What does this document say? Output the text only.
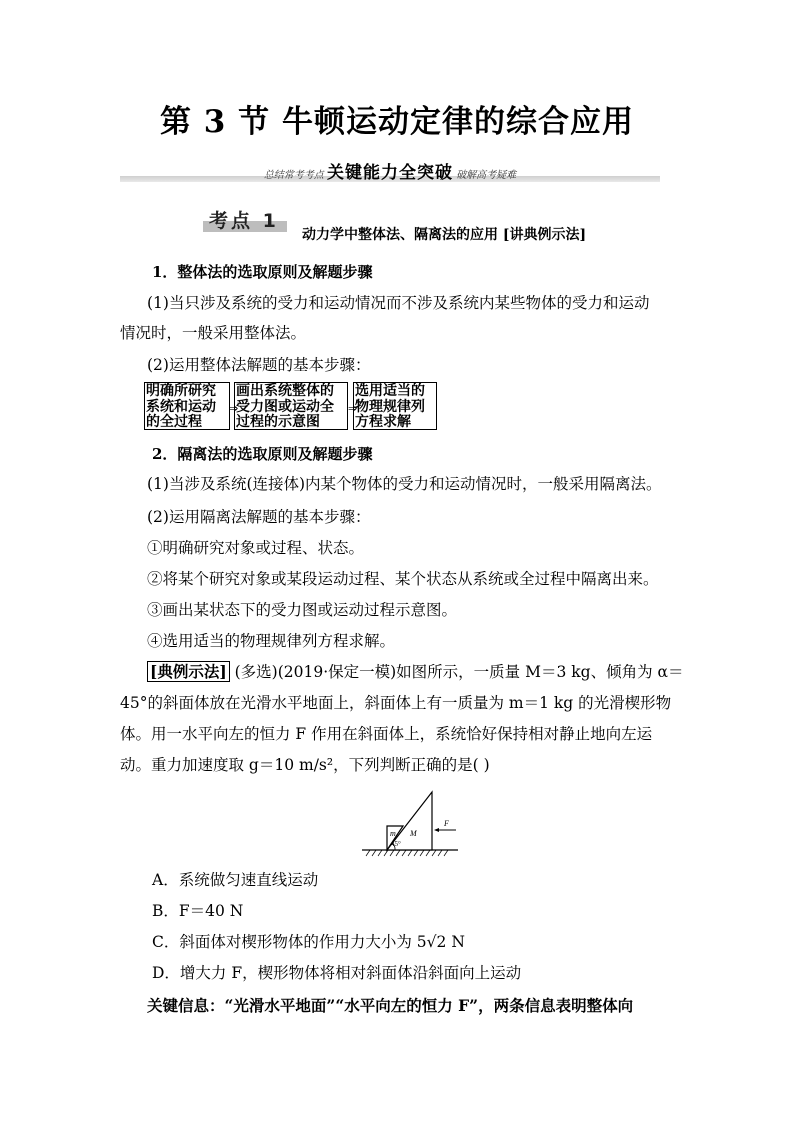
第 3 节 牛顿运动定律的综合应用
总结常考考点 关键能力全突破 破解高考疑难
考点 1
动力学中整体法、隔离法的应用 [讲典例示法]
1．整体法的选取原则及解题步骤
(1)当只涉及系统的受力和运动情况而不涉及系统内某些物体的受力和运动
情况时，一般采用整体法。
(2)运用整体法解题的基本步骤：
明确所研究系统和运动的全过程
⇒
画出系统整体的受力图或运动全过程的示意图
⇒
选用适当的物理规律列方程求解
2．隔离法的选取原则及解题步骤
(1)当涉及系统(连接体)内某个物体的受力和运动情况时，一般采用隔离法。
(2)运用隔离法解题的基本步骤：
①明确研究对象或过程、状态。
②将某个研究对象或某段运动过程、某个状态从系统或全过程中隔离出来。
③画出某状态下的受力图或运动过程示意图。
④选用适当的物理规律列方程求解。
[典例示法] (多选)(2019·保定一模)如图所示，一质量 M＝3 kg、倾角为 α＝
45°的斜面体放在光滑水平地面上，斜面体上有一质量为 m＝1 kg 的光滑楔形物
体。用一水平向左的恒力 F 作用在斜面体上，系统恰好保持相对静止地向左运
动。重力加速度取 g＝10 m/s²，下列判断正确的是( )
m M
F
45°
A．系统做匀速直线运动
B．F＝40 N
C．斜面体对楔形物体的作用力大小为 5√2 N
D．增大力 F，楔形物体将相对斜面体沿斜面向上运动
关键信息：“光滑水平地面”“水平向左的恒力 F”，两条信息表明整体向
